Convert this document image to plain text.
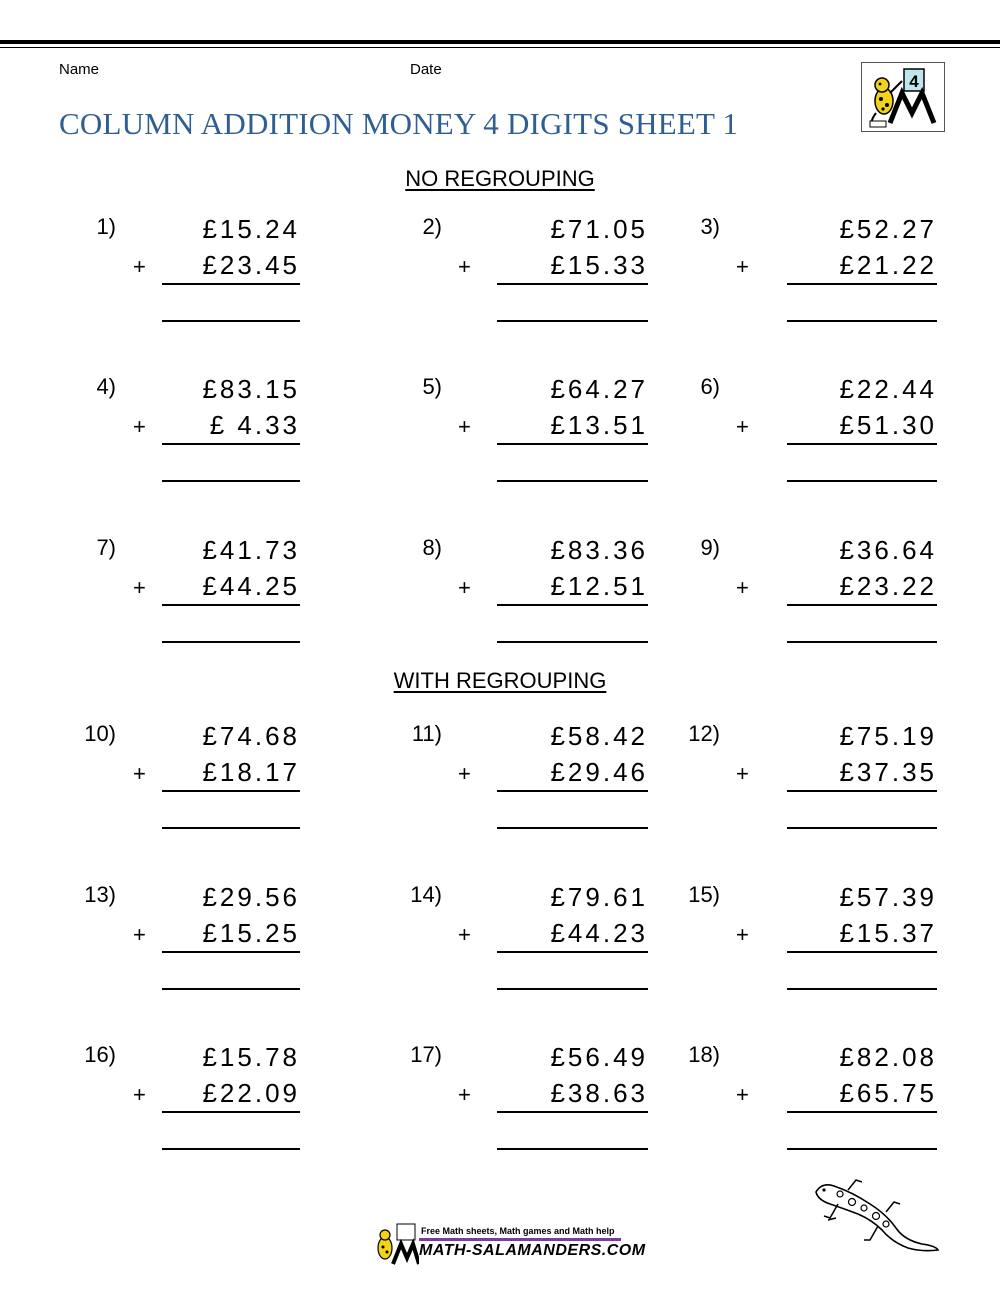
Name	Date
COLUMN ADDITION MONEY 4 DIGITS SHEET 1
4
NO REGROUPING
WITH REGROUPING
1)
+
£15.24
£23.45
2)
+
£71.05
£15.33
3)
+
£52.27
£21.22
4)
+
£83.15
£ 4.33
5)
+
£64.27
£13.51
6)
+
£22.44
£51.30
7)
+
£41.73
£44.25
8)
+
£83.36
£12.51
9)
+
£36.64
£23.22
10)
+
£74.68
£18.17
11)
+
£58.42
£29.46
12)
+
£75.19
£37.35
13)
+
£29.56
£15.25
14)
+
£79.61
£44.23
15)
+
£57.39
£15.37
16)
+
£15.78
£22.09
17)
+
£56.49
£38.63
18)
+
£82.08
£65.75
Free Math sheets, Math games and Math help
MATH-SALAMANDERS.COM
